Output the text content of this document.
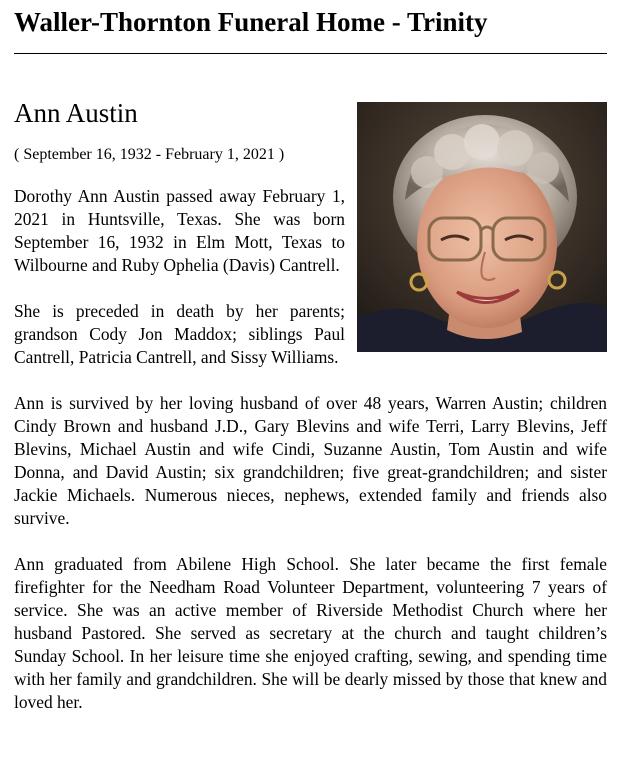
Waller-Thornton Funeral Home - Trinity
Ann Austin

( September 16, 1932 - February 1, 2021 )

Dorothy Ann Austin passed away February 1, 2021 in Huntsville, Texas. She was born September 16, 1932 in Elm Mott, Texas to Wilbourne and Ruby Ophelia (Davis) Cantrell.

She is preceded in death by her parents; grandson Cody Jon Maddox; siblings Paul Cantrell, Patricia Cantrell, and Sissy Williams.

Ann is survived by her loving husband of over 48 years, Warren Austin; children Cindy Brown and husband J.D., Gary Blevins and wife Terri, Larry Blevins, Jeff Blevins, Michael Austin and wife Cindi, Suzanne Austin, Tom Austin and wife Donna, and David Austin; six grandchildren; five great-grandchildren; and sister Jackie Michaels. Numerous nieces, nephews, extended family and friends also survive.

Ann graduated from Abilene High School. She later became the first female firefighter for the Needham Road Volunteer Department, volunteering 7 years of service. She was an active member of Riverside Methodist Church where her husband Pastored. She served as secretary at the church and taught children’s Sunday School. In her leisure time she enjoyed crafting, sewing, and spending time with her family and grandchildren. She will be dearly missed by those that knew and loved her.
